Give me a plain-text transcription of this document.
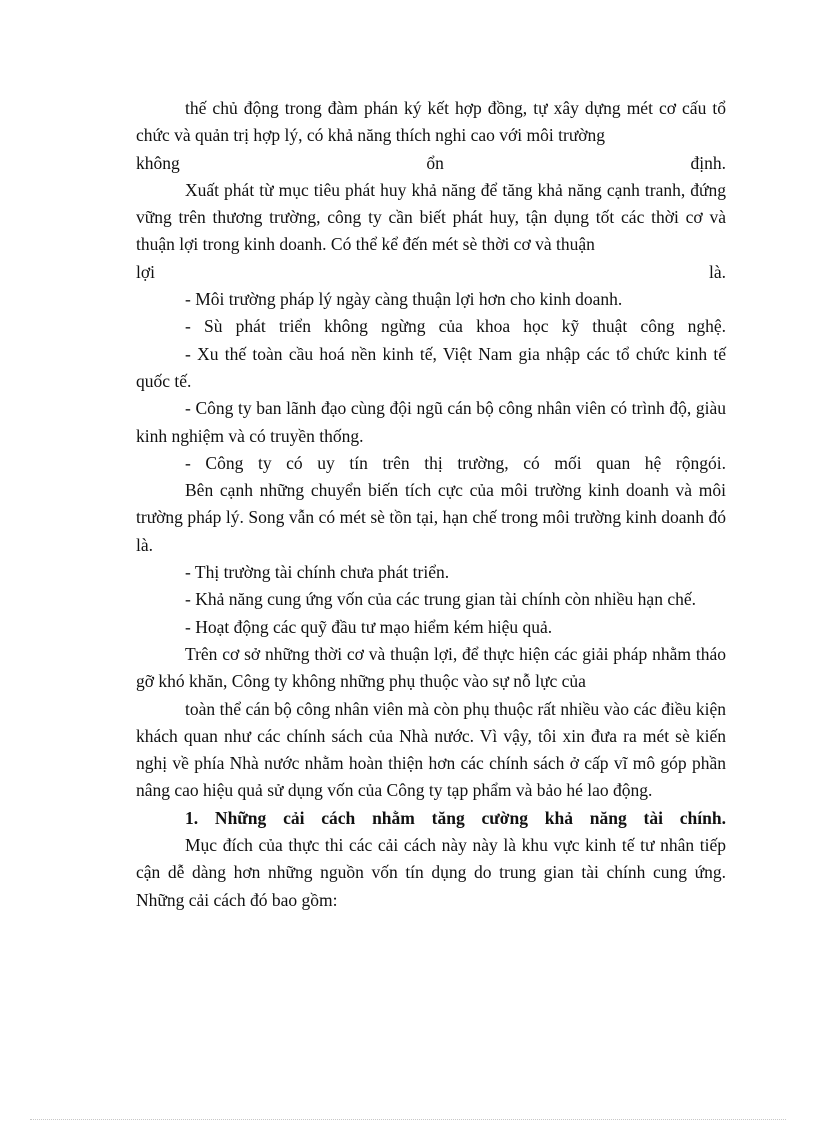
thế chủ động trong đàm phán ký kết hợp đồng, tự xây dựng mét cơ cấu tổ chức và quản trị hợp lý, có khả năng thích nghi cao với môi trường

không ổn định.

Xuất phát từ mục tiêu phát huy khả năng để tăng khả năng cạnh tranh, đứng vững trên thương trường, công ty cần biết phát huy, tận dụng tốt các thời cơ và thuận lợi trong kinh doanh. Có thể kể đến mét sè thời cơ và thuận

lợi là.

- Môi trường pháp lý ngày càng thuận lợi hơn cho kinh doanh.

- Sù phát triển không ngừng của khoa học kỹ thuật công nghệ.

- Xu thế toàn cầu hoá nền kinh tế, Việt Nam gia nhập các tổ chức kinh tế quốc tế.

- Công ty ban lãnh đạo cùng đội ngũ cán bộ công nhân viên có trình độ, giàu kinh nghiệm và có truyền thống.

- Công ty có uy tín trên thị trường, có mối quan hệ rộngói.

Bên cạnh những chuyển biến tích cực của môi trường kinh doanh và môi trường pháp lý. Song vẫn có mét sè tồn tại, hạn chế trong môi trường kinh doanh đó là.

- Thị trường tài chính chưa phát triển.

- Khả năng cung ứng vốn của các trung gian tài chính còn nhiều hạn chế.

- Hoạt động các quỹ đầu tư mạo hiểm kém hiệu quả.

Trên cơ sở những thời cơ và thuận lợi, để thực hiện các giải pháp nhằm tháo gỡ khó khăn, Công ty không những phụ thuộc vào sự nỗ lực của

toàn thể cán bộ công nhân viên mà còn phụ thuộc rất nhiều vào các điều kiện khách quan như các chính sách của Nhà nước. Vì vậy, tôi xin đưa ra mét sè kiến nghị về phía Nhà nước nhằm hoàn thiện hơn các chính sách ở cấp vĩ mô góp phần nâng cao hiệu quả sử dụng vốn của Công ty tạp phẩm và bảo hé lao động.

1. Những cải cách nhằm tăng cường khả năng tài chính.

Mục đích của thực thi các cải cách này này là khu vực kinh tế tư nhân tiếp cận dễ dàng hơn những nguồn vốn tín dụng do trung gian tài chính cung ứng. Những cải cách đó bao gồm:
